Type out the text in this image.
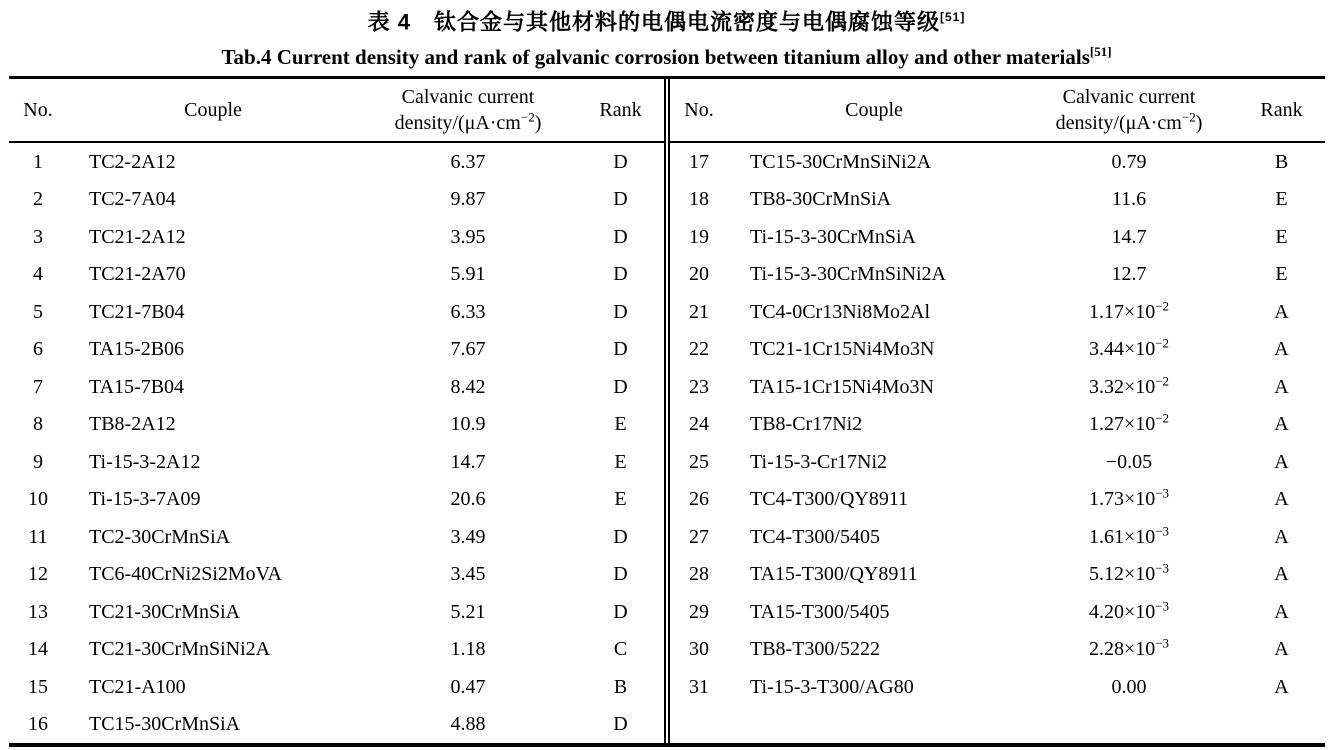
表 4　钛合金与其他材料的电偶电流密度与电偶腐蚀等级[51]
Tab.4 Current density and rank of galvanic corrosion between titanium alloy and other materials[51]
No.	Couple	Calvanic current
density/$(\mu A\cdot cm^{-2})$	Rank
1	TC2-2A12	6.37	D
2	TC2-7A04	9.87	D
3	TC21-2A12	3.95	D
4	TC21-2A70	5.91	D
5	TC21-7B04	6.33	D
6	TA15-2B06	7.67	D
7	TA15-7B04	8.42	D
8	TB8-2A12	10.9	E
9	Ti-15-3-2A12	14.7	E
10	Ti-15-3-7A09	20.6	E
11	TC2-30CrMnSiA	3.49	D
12	TC6-40CrNi2Si2MoVA	3.45	D
13	TC21-30CrMnSiA	5.21	D
14	TC21-30CrMnSiNi2A	1.18	C
15	TC21-A100	0.47	B
16	TC15-30CrMnSiA	4.88	D
No.	Couple	Calvanic current
density/$(\mu A\cdot cm^{-2})$	Rank
17	TC15-30CrMnSiNi2A	0.79	B
18	TB8-30CrMnSiA	11.6	E
19	Ti-15-3-30CrMnSiA	14.7	E
20	Ti-15-3-30CrMnSiNi2A	12.7	E
21	TC4-0Cr13Ni8Mo2Al	$1.17\times 10^{-2}$	A
22	TC21-1Cr15Ni4Mo3N	$3.44\times 10^{-2}$	A
23	TA15-1Cr15Ni4Mo3N	$3.32\times 10^{-2}$	A
24	TB8-Cr17Ni2	$1.27\times 10^{-2}$	A
25	Ti-15-3-Cr17Ni2	−0.05	A
26	TC4-T300/QY8911	$1.73\times 10^{-3}$	A
27	TC4-T300/5405	$1.61\times 10^{-3}$	A
28	TA15-T300/QY8911	$5.12\times 10^{-3}$	A
29	TA15-T300/5405	$4.20\times 10^{-3}$	A
30	TB8-T300/5222	$2.28\times 10^{-3}$	A
31	Ti-15-3-T300/AG80	0.00	A
